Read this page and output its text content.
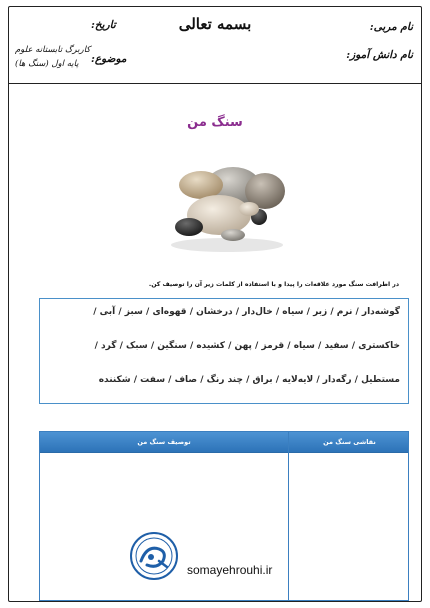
بسمه تعالی	نام مربی:
نام دانش آموز:
تاریخ:
موضوع:
کاربرگ تابستانه علوم
پایه اول (سنگ ها)
سنگ من
در اطرافت سنگ مورد علاقه‌ات را پیدا و با استفاده از کلمات زیر آن را توصیف کن.
گوشه‌دار / نرم / زبر / سیاه / خال‌دار / درخشان / قهوه‌ای / سبز / آبی /
خاکستری / سفید / سیاه / قرمز / پهن / کشیده / سنگین / سبک / گرد /
مستطیل / رگه‌دار / لایه‌لایه / براق / چند رنگ / صاف / سفت / شکننده
توصیف سنگ من	نقاشی سنگ من
somayehrouhi.ir
